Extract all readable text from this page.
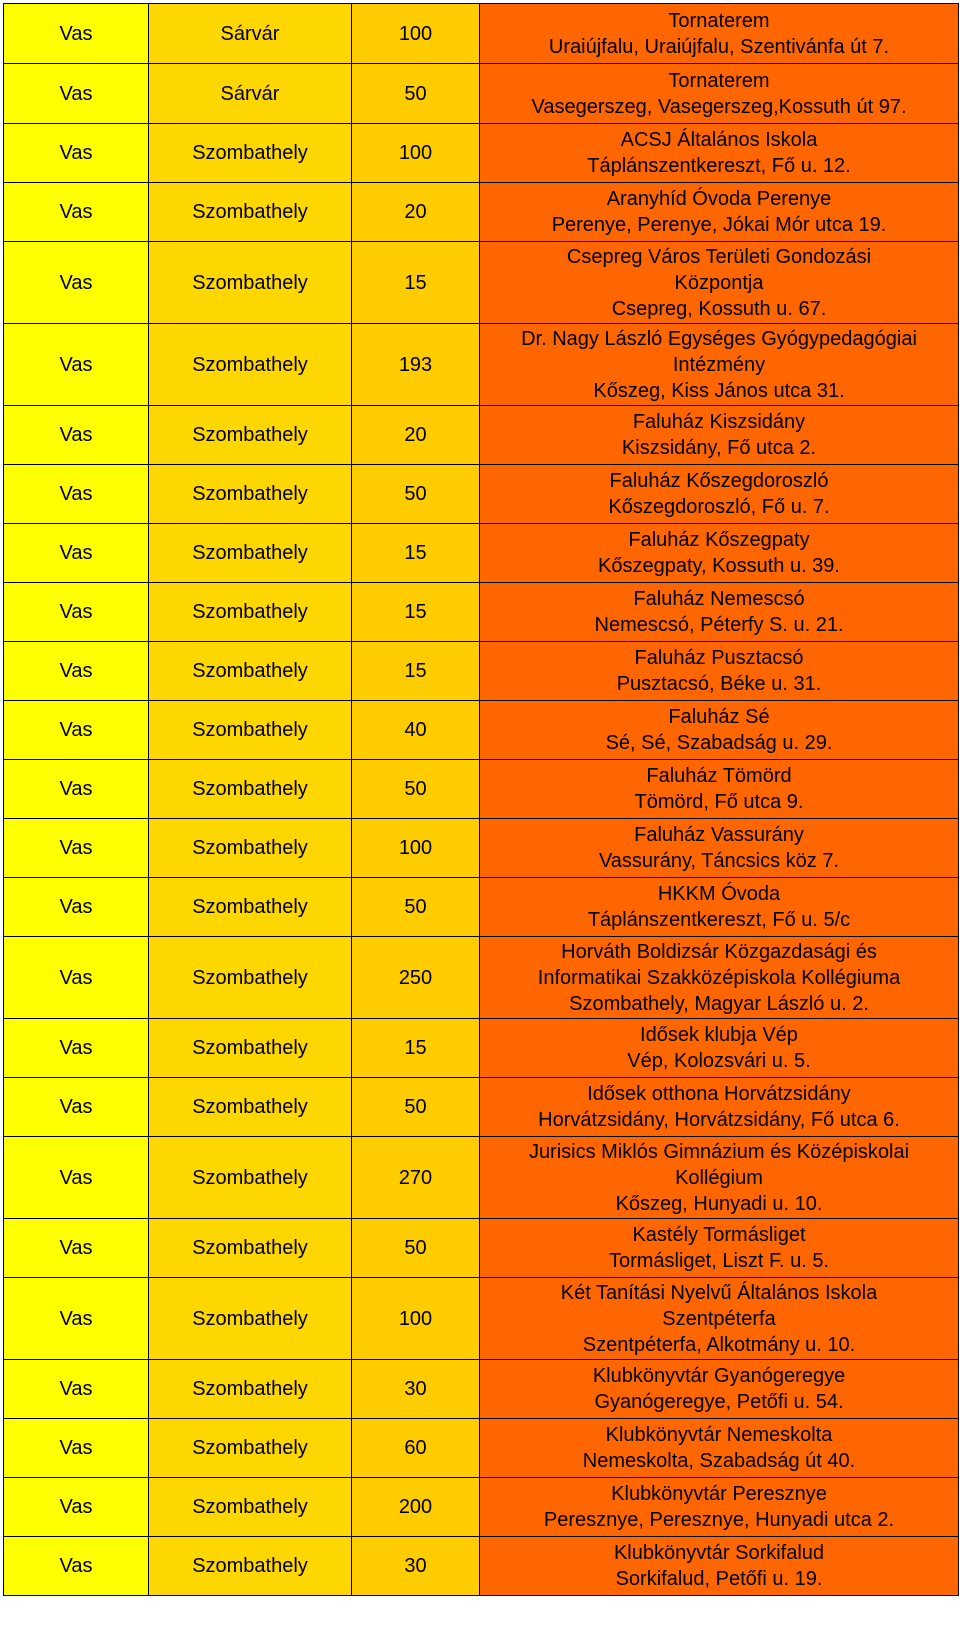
Vas	Sárvár	100	Tornaterem
Uraiújfalu, Uraiújfalu, Szentivánfa út 7.

Vas	Sárvár	50	Tornaterem
Vasegerszeg, Vasegerszeg,Kossuth út 97.

Vas	Szombathely	100	ACSJ Általános Iskola
Táplánszentkereszt, Fő u. 12.

Vas	Szombathely	20	Aranyhíd Óvoda Perenye
Perenye, Perenye, Jókai Mór utca 19.

Vas	Szombathely	15	Csepreg Város Területi Gondozási
Központja
Csepreg, Kossuth u. 67.

Vas	Szombathely	193	Dr. Nagy László Egységes Gyógypedagógiai
Intézmény
Kőszeg, Kiss János utca 31.

Vas	Szombathely	20	Faluház Kiszsidány
Kiszsidány, Fő utca 2.

Vas	Szombathely	50	Faluház Kőszegdoroszló
Kőszegdoroszló, Fő u. 7.

Vas	Szombathely	15	Faluház Kőszegpaty
Kőszegpaty, Kossuth u. 39.

Vas	Szombathely	15	Faluház Nemescsó
Nemescsó, Péterfy S. u. 21.

Vas	Szombathely	15	Faluház Pusztacsó
Pusztacsó, Béke u. 31.

Vas	Szombathely	40	Faluház Sé
Sé, Sé, Szabadság u. 29.

Vas	Szombathely	50	Faluház Tömörd
Tömörd, Fő utca 9.

Vas	Szombathely	100	Faluház Vassurány
Vassurány, Táncsics köz 7.

Vas	Szombathely	50	HKKM Óvoda
Táplánszentkereszt, Fő u. 5/c

Vas	Szombathely	250	Horváth Boldizsár Közgazdasági és
Informatikai Szakközépiskola Kollégiuma
Szombathely, Magyar László u. 2.

Vas	Szombathely	15	Idősek klubja Vép
Vép, Kolozsvári u. 5.

Vas	Szombathely	50	Idősek otthona Horvátzsidány
Horvátzsidány, Horvátzsidány, Fő utca 6.

Vas	Szombathely	270	Jurisics Miklós Gimnázium és Középiskolai
Kollégium
Kőszeg, Hunyadi u. 10.

Vas	Szombathely	50	Kastély Tormásliget
Tormásliget, Liszt F. u. 5.

Vas	Szombathely	100	Két Tanítási Nyelvű Általános Iskola
Szentpéterfa
Szentpéterfa, Alkotmány u. 10.

Vas	Szombathely	30	Klubkönyvtár Gyanógeregye
Gyanógeregye, Petőfi u. 54.

Vas	Szombathely	60	Klubkönyvtár Nemeskolta
Nemeskolta, Szabadság út 40.

Vas	Szombathely	200	Klubkönyvtár Peresznye
Peresznye, Peresznye, Hunyadi utca 2.

Vas	Szombathely	30	Klubkönyvtár Sorkifalud
Sorkifalud, Petőfi u. 19.
